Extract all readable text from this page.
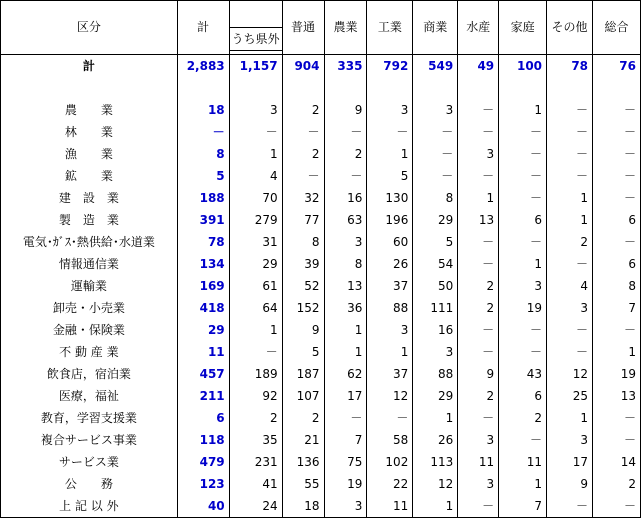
区分	計	うち県外	普通	農業	工業	商業	水産	家庭	その他	総合
計	2,883	1,157	904	335	792	549	49	100	78	76

農　　業	18	3	2	9	3	3	－	1	－	－
林　　業	－	－	－	－	－	－	－	－	－	－
漁　　業	8	1	2	2	1	－	3	－	－	－
鉱　　業	5	4	－	－	5	－	－	－	－	－
建　設　業	188	70	32	16	130	8	1	－	1	－
製　造　業	391	279	77	63	196	29	13	6	1	6
電気･ｶﾞｽ･熱供給･水道業	78	31	8	3	60	5	－	－	2	－
情報通信業	134	29	39	8	26	54	－	1	－	6
運輸業	169	61	52	13	37	50	2	3	4	8
卸売・小売業	418	64	152	36	88	111	2	19	3	7
金融・保険業	29	1	9	1	3	16	－	－	－	－
不 動 産 業	11	－	5	1	1	3	－	－	－	1
飲食店，宿泊業	457	189	187	62	37	88	9	43	12	19
医療，福祉	211	92	107	17	12	29	2	6	25	13
教育，学習支援業	6	2	2	－	－	1	－	2	1	－
複合サービス事業	118	35	21	7	58	26	3	－	3	－
サービス業	479	231	136	75	102	113	11	11	17	14
公　　務	123	41	55	19	22	12	3	1	9	2
上 記 以 外	40	24	18	3	11	1	－	7	－	－
